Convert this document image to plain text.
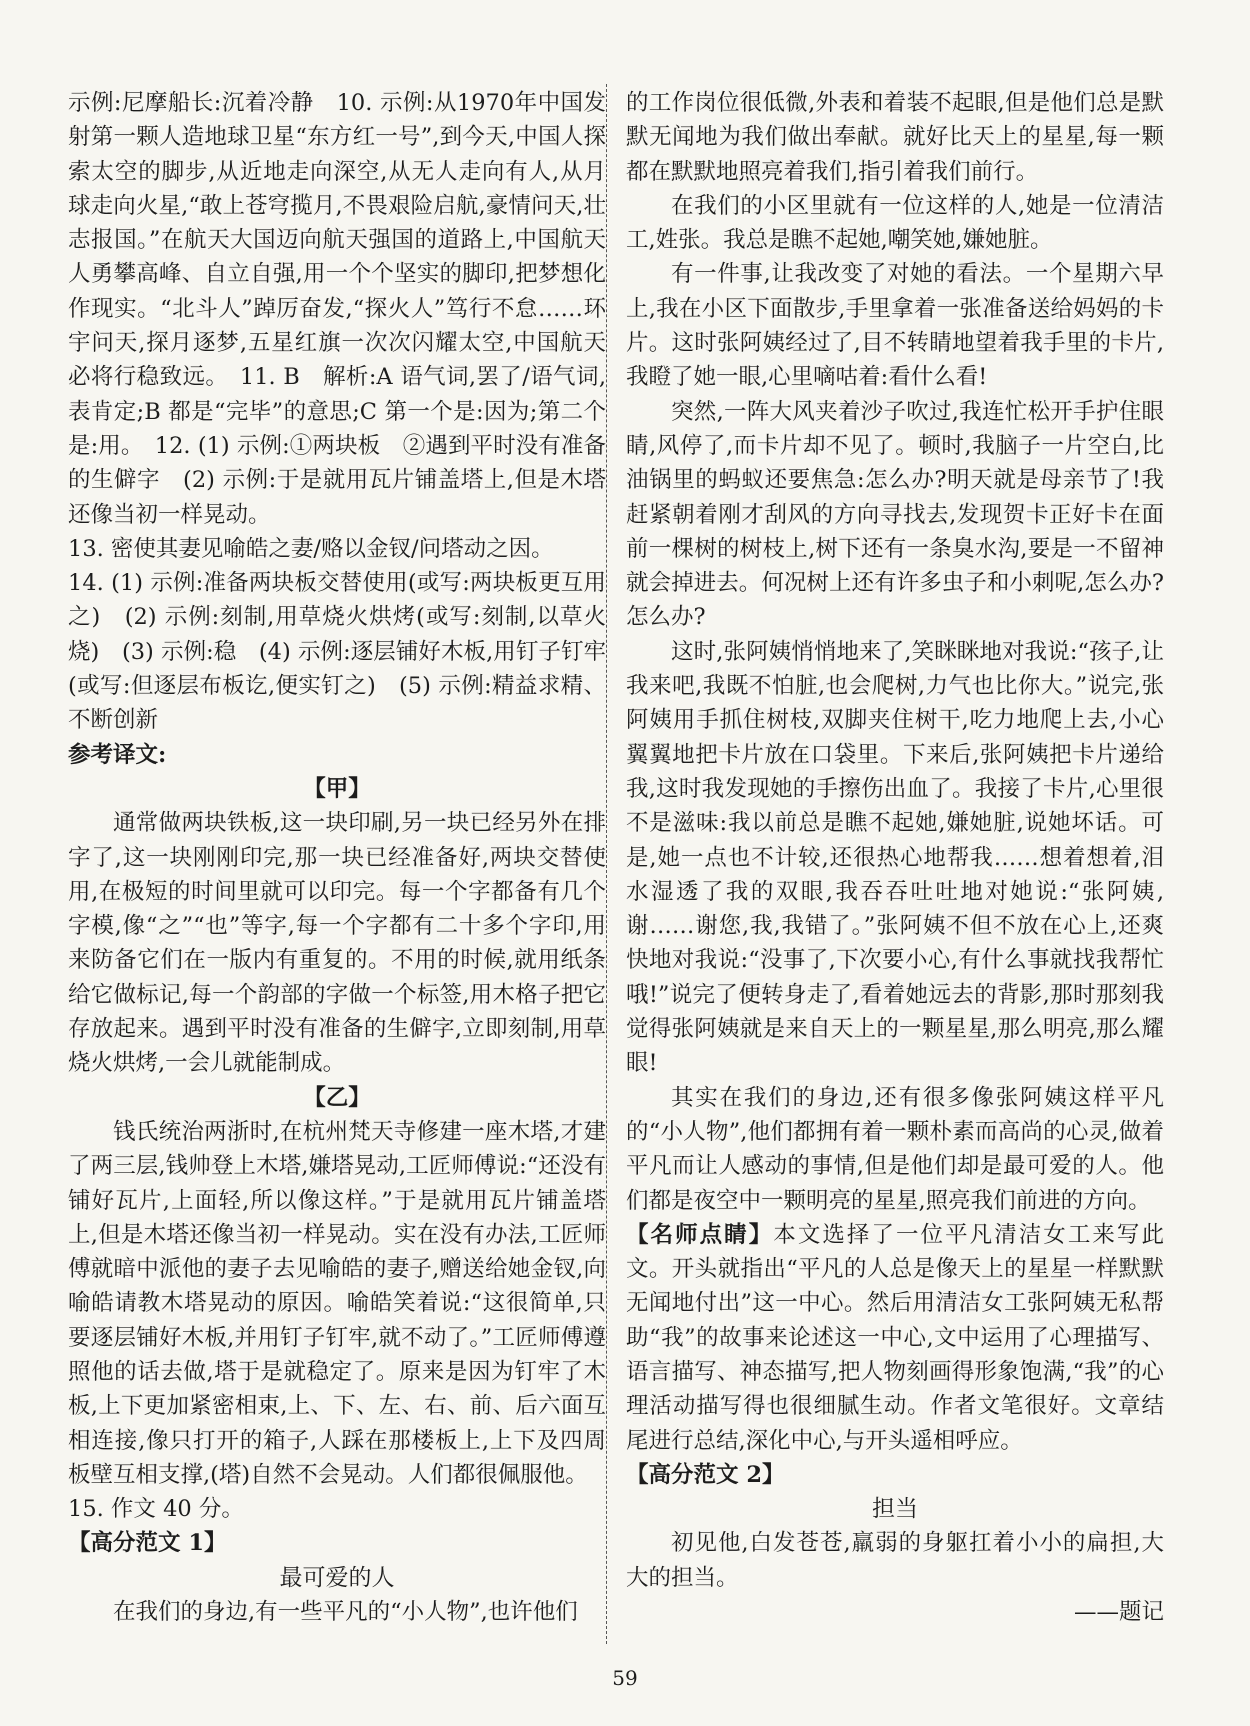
示例:尼摩船长:沉着冷静　10. 示例:从1970年中国发射第一颗人造地球卫星“东方红一号”,到今天,中国人探索太空的脚步,从近地走向深空,从无人走向有人,从月球走向火星,“敢上苍穹揽月,不畏艰险启航,豪情问天,壮志报国。”在航天大国迈向航天强国的道路上,中国航天人勇攀高峰、自立自强,用一个个坚实的脚印,把梦想化作现实。“北斗人”踔厉奋发,“探火人”笃行不怠……环宇问天,探月逐梦,五星红旗一次次闪耀太空,中国航天必将行稳致远。　11. B　解析:A 语气词,罢了/语气词,表肯定;B 都是“完毕”的意思;C 第一个是:因为;第二个是:用。　12. (1) 示例:①两块板　②遇到平时没有准备的生僻字　(2) 示例:于是就用瓦片铺盖塔上,但是木塔还像当初一样晃动。

13. 密使其妻见喻皓之妻/赂以金钗/问塔动之因。

14. (1) 示例:准备两块板交替使用(或写:两块板更互用之)　(2) 示例:刻制,用草烧火烘烤(或写:刻制,以草火烧)　(3) 示例:稳　(4) 示例:逐层铺好木板,用钉子钉牢(或写:但逐层布板讫,便实钉之)　(5) 示例:精益求精、不断创新

参考译文:

【甲】

通常做两块铁板,这一块印刷,另一块已经另外在排字了,这一块刚刚印完,那一块已经准备好,两块交替使用,在极短的时间里就可以印完。每一个字都备有几个字模,像“之”“也”等字,每一个字都有二十多个字印,用来防备它们在一版内有重复的。不用的时候,就用纸条给它做标记,每一个韵部的字做一个标签,用木格子把它存放起来。遇到平时没有准备的生僻字,立即刻制,用草烧火烘烤,一会儿就能制成。

【乙】

钱氏统治两浙时,在杭州梵天寺修建一座木塔,才建了两三层,钱帅登上木塔,嫌塔晃动,工匠师傅说:“还没有铺好瓦片,上面轻,所以像这样。”于是就用瓦片铺盖塔上,但是木塔还像当初一样晃动。实在没有办法,工匠师傅就暗中派他的妻子去见喻皓的妻子,赠送给她金钗,向喻皓请教木塔晃动的原因。喻皓笑着说:“这很简单,只要逐层铺好木板,并用钉子钉牢,就不动了。”工匠师傅遵照他的话去做,塔于是就稳定了。原来是因为钉牢了木板,上下更加紧密相束,上、下、左、右、前、后六面互相连接,像只打开的箱子,人踩在那楼板上,上下及四周板壁互相支撑,(塔)自然不会晃动。人们都很佩服他。

15. 作文 40 分。

【高分范文 1】

最可爱的人

在我们的身边,有一些平凡的“小人物”,也许他们

的工作岗位很低微,外表和着装不起眼,但是他们总是默默无闻地为我们做出奉献。就好比天上的星星,每一颗都在默默地照亮着我们,指引着我们前行。

在我们的小区里就有一位这样的人,她是一位清洁工,姓张。我总是瞧不起她,嘲笑她,嫌她脏。

有一件事,让我改变了对她的看法。一个星期六早上,我在小区下面散步,手里拿着一张准备送给妈妈的卡片。这时张阿姨经过了,目不转睛地望着我手里的卡片,我瞪了她一眼,心里嘀咕着:看什么看!

突然,一阵大风夹着沙子吹过,我连忙松开手护住眼睛,风停了,而卡片却不见了。顿时,我脑子一片空白,比油锅里的蚂蚁还要焦急:怎么办?明天就是母亲节了!我赶紧朝着刚才刮风的方向寻找去,发现贺卡正好卡在面前一棵树的树枝上,树下还有一条臭水沟,要是一不留神就会掉进去。何况树上还有许多虫子和小刺呢,怎么办?怎么办?

这时,张阿姨悄悄地来了,笑眯眯地对我说:“孩子,让我来吧,我既不怕脏,也会爬树,力气也比你大。”说完,张阿姨用手抓住树枝,双脚夹住树干,吃力地爬上去,小心翼翼地把卡片放在口袋里。下来后,张阿姨把卡片递给我,这时我发现她的手擦伤出血了。我接了卡片,心里很不是滋味:我以前总是瞧不起她,嫌她脏,说她坏话。可是,她一点也不计较,还很热心地帮我……想着想着,泪水湿透了我的双眼,我吞吞吐吐地对她说:“张阿姨,谢……谢您,我,我错了。”张阿姨不但不放在心上,还爽快地对我说:“没事了,下次要小心,有什么事就找我帮忙哦!”说完了便转身走了,看着她远去的背影,那时那刻我觉得张阿姨就是来自天上的一颗星星,那么明亮,那么耀眼!

其实在我们的身边,还有很多像张阿姨这样平凡的“小人物”,他们都拥有着一颗朴素而高尚的心灵,做着平凡而让人感动的事情,但是他们却是最可爱的人。他们都是夜空中一颗明亮的星星,照亮我们前进的方向。

【名师点睛】本文选择了一位平凡清洁女工来写此文。开头就指出“平凡的人总是像天上的星星一样默默无闻地付出”这一中心。然后用清洁女工张阿姨无私帮助“我”的故事来论述这一中心,文中运用了心理描写、语言描写、神态描写,把人物刻画得形象饱满,“我”的心理活动描写得也很细腻生动。作者文笔很好。文章结尾进行总结,深化中心,与开头遥相呼应。

【高分范文 2】

担当

初见他,白发苍苍,羸弱的身躯扛着小小的扁担,大大的担当。

——题记

59
